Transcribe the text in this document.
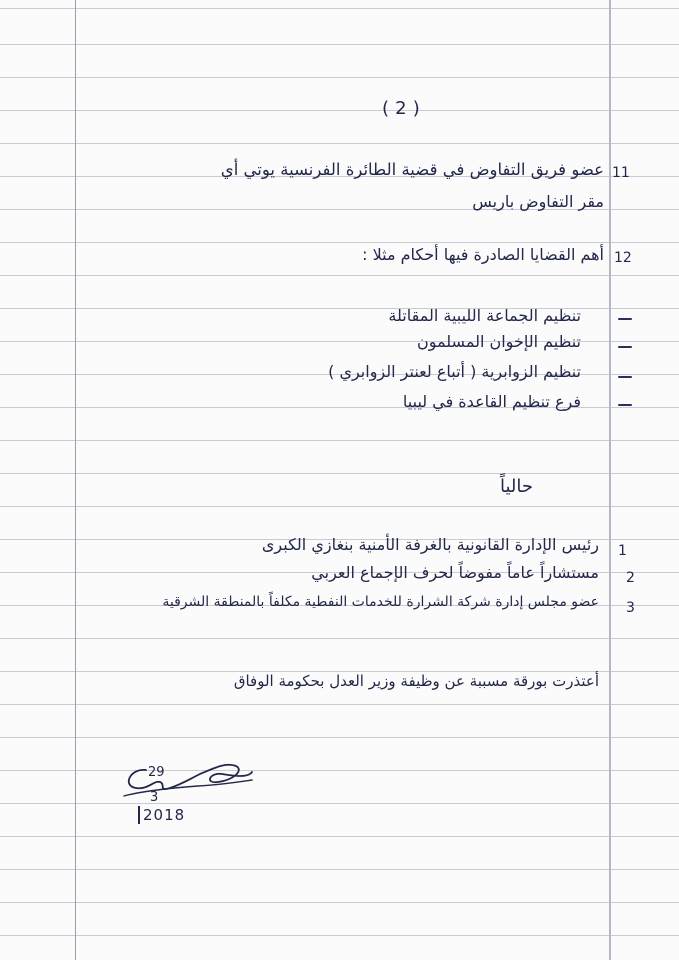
( 2 )
11
عضو فريق التفاوض في قضية الطائرة الفرنسية يوتي أي
مقر التفاوض باريس
12
أهم القضايا الصادرة فيها أحكام مثلا :
تنظيم الجماعة الليبية المقاتلة
تنظيم الإخوان المسلمون
تنظيم الزوابرية ( أتباع لعنتر الزوابري )
فرع تنظيم القاعدة في ليبيا
حالياً
1
رئيس الإدارة القانونية بالغرفة الأمنية بنغازي الكبرى
2
مستشاراً عاماً مفوضاً لحرف الإجماع العربي
3
عضو مجلس إدارة شركة الشرارة للخدمات النفطية مكلفاً بالمنطقة الشرقية
أعتذرت بورقة مسببة عن وظيفة وزير العدل بحكومة الوفاق
29
3
2018
